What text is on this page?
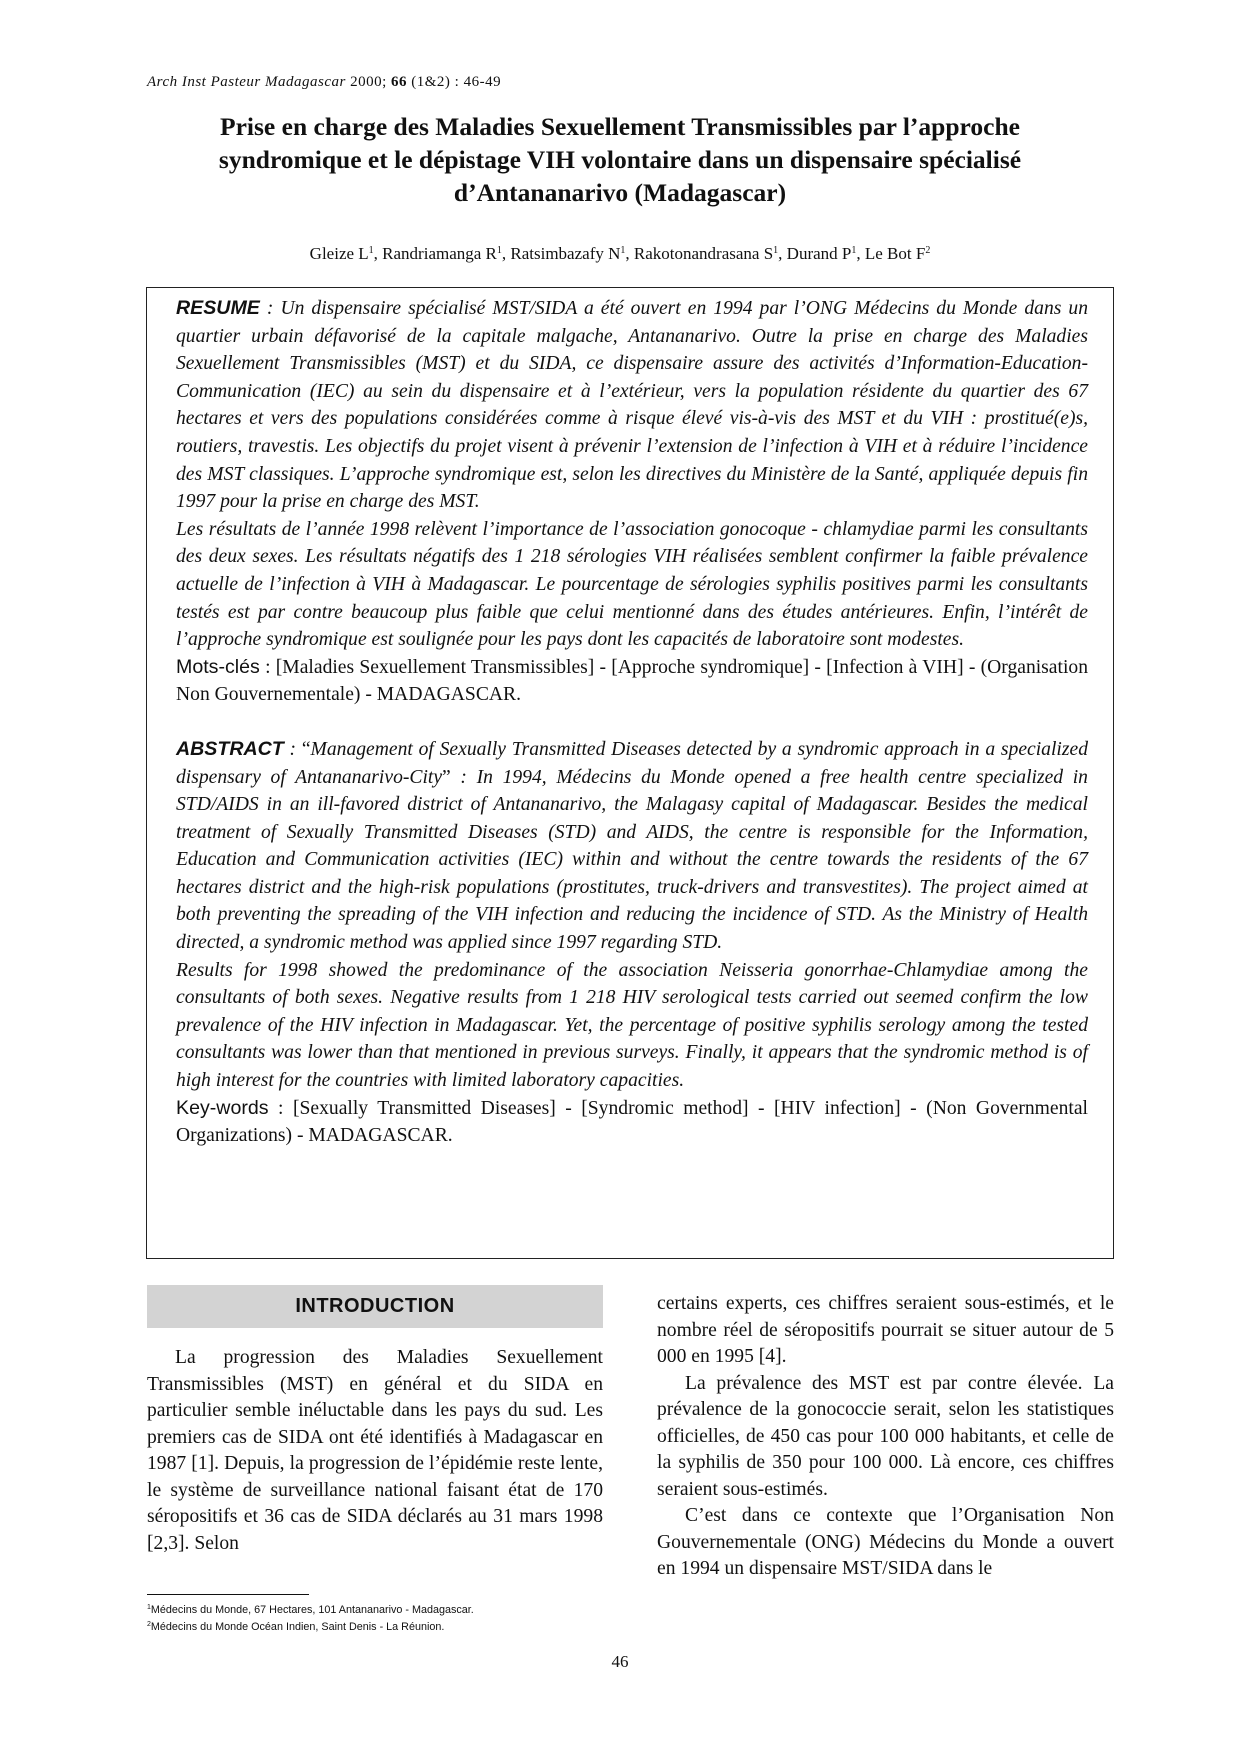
Arch Inst Pasteur Madagascar 2000; 66 (1&2) : 46-49
Prise en charge des Maladies Sexuellement Transmissibles par l’approche
syndromique et le dépistage VIH volontaire dans un dispensaire spécialisé
d’Antananarivo (Madagascar)
Gleize $L^1$, Randriamanga $R^1$, Ratsimbazafy $N^1$, Rakotonandrasana $S^1$, Durand $P^1$, Le Bot $F^2$

RESUME : Un dispensaire spécialisé MST/SIDA a été ouvert en 1994 par l’ONG Médecins du Monde dans un quartier urbain défavorisé de la capitale malgache, Antananarivo. Outre la prise en charge des Maladies Sexuellement Transmissibles (MST) et du SIDA, ce dispensaire assure des activités d’Information-Education-Communication (IEC) au sein du dispensaire et à l’extérieur, vers la population résidente du quartier des 67 hectares et vers des populations considérées comme à risque élevé vis-à-vis des MST et du VIH : prostitué(e)s, routiers, travestis. Les objectifs du projet visent à prévenir l’extension de l’infection à VIH et à réduire l’incidence des MST classiques. L’approche syndromique est, selon les directives du Ministère de la Santé, appliquée depuis fin 1997 pour la prise en charge des MST.

Les résultats de l’année 1998 relèvent l’importance de l’association gonocoque - chlamydiae parmi les consultants des deux sexes. Les résultats négatifs des 1 218 sérologies VIH réalisées semblent confirmer la faible prévalence actuelle de l’infection à VIH à Madagascar. Le pourcentage de sérologies syphilis positives parmi les consultants testés est par contre beaucoup plus faible que celui mentionné dans des études antérieures. Enfin, l’intérêt de l’approche syndromique est soulignée pour les pays dont les capacités de laboratoire sont modestes.

Mots-clés : [Maladies Sexuellement Transmissibles] - [Approche syndromique] - [Infection à VIH] - (Organisation Non Gouvernementale) - MADAGASCAR.

ABSTRACT : “Management of Sexually Transmitted Diseases detected by a syndromic approach in a specialized dispensary of Antananarivo-City” : In 1994, Médecins du Monde opened a free health centre specialized in STD/AIDS in an ill-favored district of Antananarivo, the Malagasy capital of Madagascar. Besides the medical treatment of Sexually Transmitted Diseases (STD) and AIDS, the centre is responsible for the Information, Education and Communication activities (IEC) within and without the centre towards the residents of the 67 hectares district and the high-risk populations (prostitutes, truck-drivers and transvestites). The project aimed at both preventing the spreading of the VIH infection and reducing the incidence of STD. As the Ministry of Health directed, a syndromic method was applied since 1997 regarding STD.

Results for 1998 showed the predominance of the association Neisseria gonorrhae-Chlamydiae among the consultants of both sexes. Negative results from 1 218 HIV serological tests carried out seemed confirm the low prevalence of the HIV infection in Madagascar. Yet, the percentage of positive syphilis serology among the tested consultants was lower than that mentioned in previous surveys. Finally, it appears that the syndromic method is of high interest for the countries with limited laboratory capacities.

Key-words : [Sexually Transmitted Diseases] - [Syndromic method] - [HIV infection] - (Non Governmental Organizations) - MADAGASCAR.

INTRODUCTION

La progression des Maladies Sexuellement Transmissibles (MST) en général et du SIDA en particulier semble inéluctable dans les pays du sud. Les premiers cas de SIDA ont été identifiés à Madagascar en 1987 [1]. Depuis, la progression de l’épidémie reste lente, le système de surveillance national faisant état de 170 séropositifs et 36 cas de SIDA déclarés au 31 mars 1998 [2,3]. Selon

certains experts, ces chiffres seraient sous-estimés, et le nombre réel de séropositifs pourrait se situer autour de 5 000 en 1995 [4].

La prévalence des MST est par contre élevée. La prévalence de la gonococcie serait, selon les statistiques officielles, de 450 cas pour 100 000 habitants, et celle de la syphilis de 350 pour 100 000. Là encore, ces chiffres seraient sous-estimés.

C’est dans ce contexte que l’Organisation Non Gouvernementale (ONG) Médecins du Monde a ouvert en 1994 un dispensaire MST/SIDA dans le

$^1$Médecins du Monde, 67 Hectares, 101 Antananarivo - Madagascar.
$^2$Médecins du Monde Océan Indien, Saint Denis - La Réunion.
46
